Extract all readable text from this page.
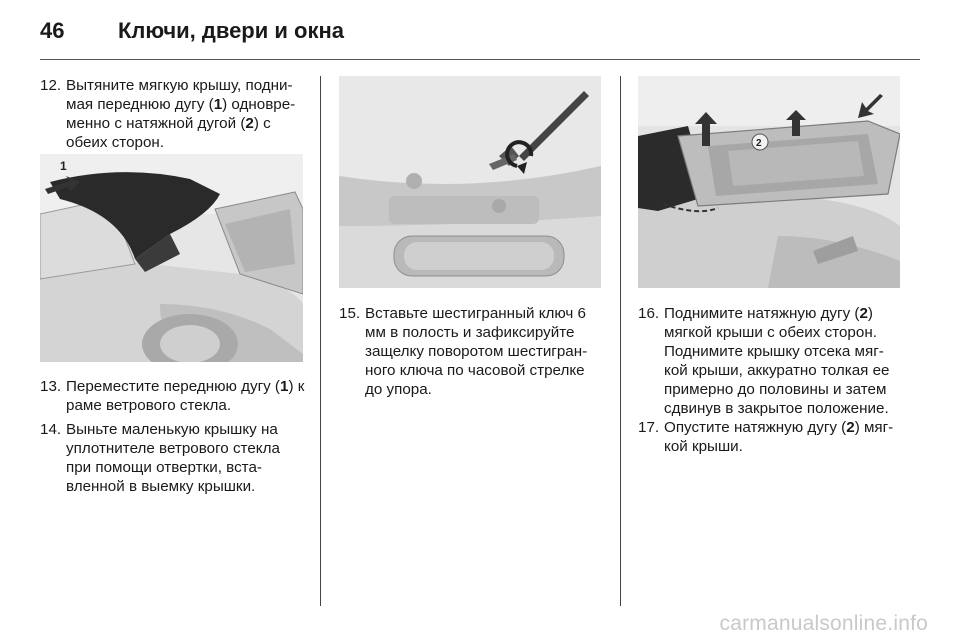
46 Ключи, двери и окна
12. Вытяните мягкую крышу, подни-мая переднюю дугу (1) одновре-менно с натяжной дугой (2) с обеих сторон.
1
13. Переместите переднюю дугу (1) к раме ветрового стекла.
14. Выньте маленькую крышку на уплотнителе ветрового стекла при помощи отвертки, вста-вленной в выемку крышки.
15. Вставьте шестигранный ключ 6 мм в полость и зафиксируйте защелку поворотом шестигран-ного ключа по часовой стрелке до упора.
2
16. Поднимите натяжную дугу (2) мягкой крыши с обеих сторон. Поднимите крышку отсека мяг-кой крыши, аккуратно толкая ее примерно до половины и затем сдвинув в закрытое положение.
17. Опустите натяжную дугу (2) мяг-кой крыши.
carmanualsonline.info
